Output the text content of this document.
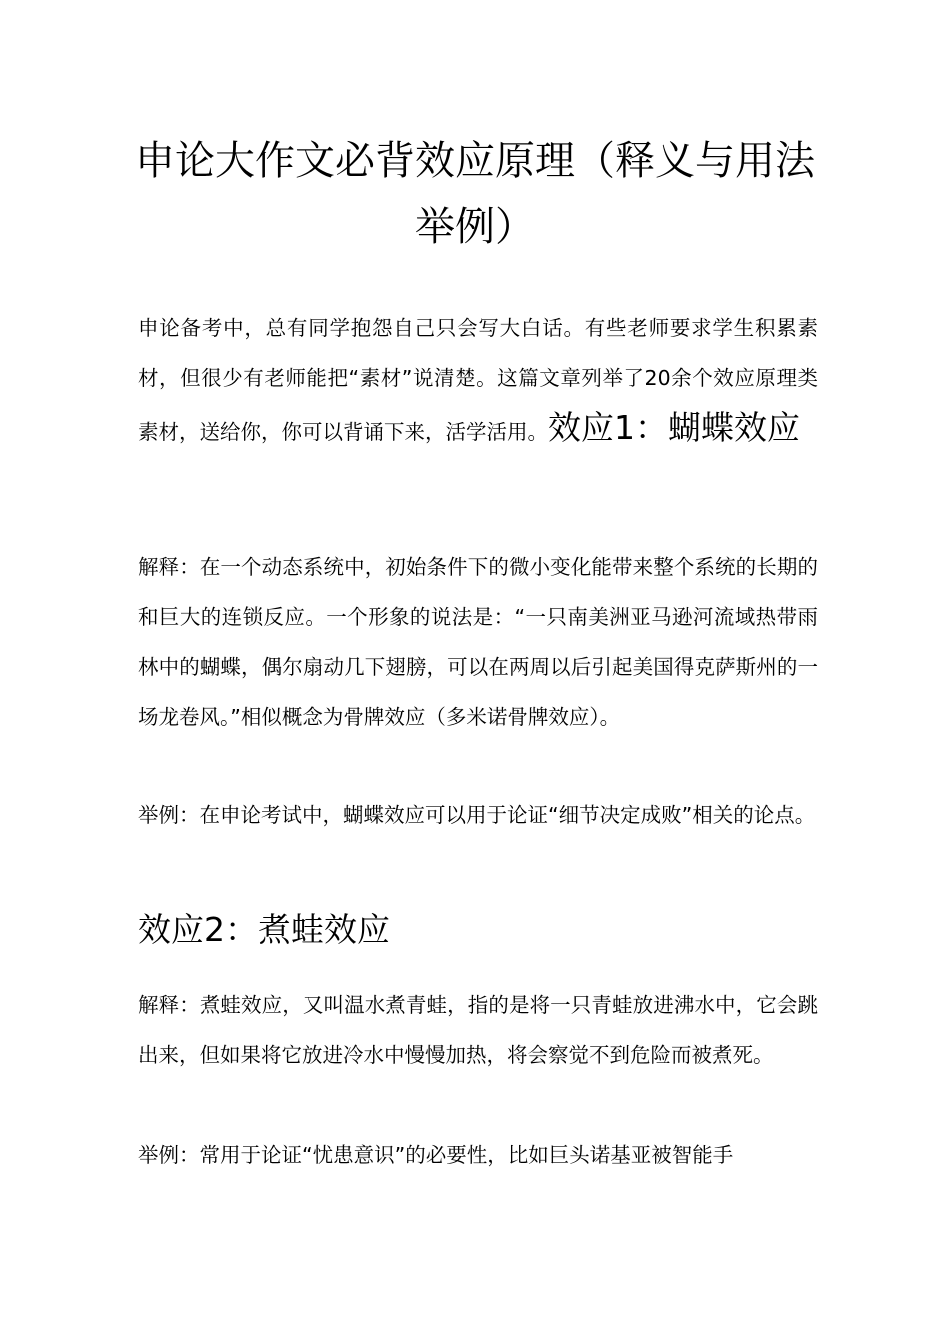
申论大作文必背效应原理（释义与用法举例）

申论备考中，总有同学抱怨自己只会写大白话。有些老师要求学生积累素材，但很少有老师能把“素材”说清楚。这篇文章列举了20余个效应原理类素材，送给你，你可以背诵下来，活学活用。效应1：蝴蝶效应

解释：在一个动态系统中，初始条件下的微小变化能带来整个系统的长期的和巨大的连锁反应。一个形象的说法是：“一只南美洲亚马逊河流域热带雨林中的蝴蝶，偶尔扇动几下翅膀，可以在两周以后引起美国得克萨斯州的一场龙卷风。”相似概念为骨牌效应（多米诺骨牌效应）。

举例：在申论考试中，蝴蝶效应可以用于论证“细节决定成败”相关的论点。

效应2：煮蛙效应

解释：煮蛙效应，又叫温水煮青蛙，指的是将一只青蛙放进沸水中，它会跳出来，但如果将它放进冷水中慢慢加热，将会察觉不到危险而被煮死。

举例：常用于论证“忧患意识”的必要性，比如巨头诺基亚被智能手
